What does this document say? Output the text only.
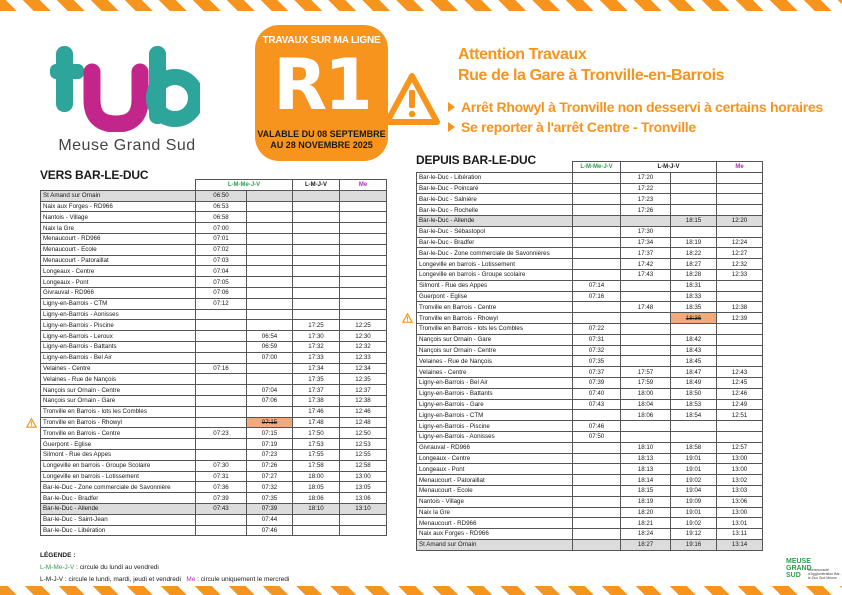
Meuse Grand Sud
TRAVAUX SUR MA LIGNE
R1
VALABLE DU 08 SEPTEMBRE
AU 28 NOVEMBRE 2025
Attention Travaux
Rue de la Gare à Tronville-en-Barrois
Arrêt Rhowyl à Tronville non desservi à certains horaires
Se reporter à l'arrêt Centre - Tronville
VERS BAR-LE-DUC
	L-M-Me-J-V		L-M-J-V	Me
St Amand sur Ornain	06:50			
Naix aux Forges - RD966	06:53			
Nantois - Village	06:58			
Naix la Gre	07:00			
Menaucourt - RD966	07:01			
Menaucourt - Ecole	07:02			
Menaucourt - Patoraillat	07:03			
Longeaux - Centre	07:04			
Longeaux - Pont	07:05			
Givrauval - RD966	07:06			
Ligny-en-Barrois - CTM	07:12			
Ligny-en-Barrois - Aonisses				
Ligny-en-Barrois - Piscine			17:25	12:25
Ligny-en-Barrois - Leroux		06:54	17:30	12:30
Ligny-en-Barrois - Battants		06:59	17:32	12:32
Ligny-en-Barrois - Bel Air		07:00	17:33	12:33
Velaines - Centre	07:16		17:34	12:34
Velaines - Rue de Nançois			17:35	12:35
Nançois sur Ornain - Centre		07:04	17:37	12:37
Nançois sur Ornain - Gare		07:06	17:38	12:38
Tronville en Barrois - lots les Combles			17:46	12:46
Tronville en Barrois - Rhowyl		07:15	17:48	12:48
Tronville en Barrois - Centre	07:23	07:15	17:50	12:50
Guerpont - Eglise		07:19	17:53	12:53
Silmont - Rue des Appes		07:23	17:55	12:55
Longeville en barrois - Groupe Scolaire	07:30	07:26	17:58	12:58
Longeville en barrois - Lotissement	07:31	07:27	18:00	13:00
Bar-le-Duc - Zone commerciale de Savonnière	07:36	07:32	18:05	13:05
Bar-le-Duc - Bradfer	07:39	07:35	18:06	13:06
Bar-le-Duc - Allende	07:43	07:39	18:10	13:10
Bar-le-Duc - Saint-Jean		07:44		
Bar-le-Duc - Libération		07:46		
DEPUIS BAR-LE-DUC
		L-M-Me-J-V	L-M-J-V		Me
Bar-le-Duc - Libération		17:20		
Bar-le-Duc - Poincaré		17:22		
Bar-le-Duc - Salnière		17:23		
Bar-le-Duc - Rochelle		17:26		
Bar-le-Duc - Allende			18:15	12:20
Bar-le-Duc - Sébastopol		17:30		
Bar-le-Duc - Bradfer		17:34	18:19	12:24
Bar-le-Duc - Zone commerciale de Savonnières		17:37	18:22	12:27
Longeville en barrois - Lotissement		17:42	18:27	12:32
Longeville en barrois - Groupe scolaire		17:43	18:28	12:33
Silmont - Rue des Appes	07:14		18:31	
Guerpont - Eglise	07:16		18:33	
Tronville en Barrois - Centre		17:48	18:35	12:38
Tronville en Barrois - Rhowyl			18:36	12:39
Tronville en Barrois - lots les Combles	07:22			
Nançois sur Ornain - Gare	07:31		18:42	
Nançois sur Ornain - Centre	07:32		18:43	
Velaines - Rue de Nançois	07:35		18:45	
Velaines - Centre	07:37	17:57	18:47	12:43
Ligny-en-Barrois - Bel Air	07:39	17:59	18:49	12:45
Ligny-en-Barrois - Battants	07:40	18:00	18:50	12:46
Ligny-en-Barrois - Gare	07:43	18:04	18:53	12:49
Ligny-en-Barrois - CTM		18:06	18:54	12:51
Ligny-en-Barrois - Piscine	07:46			
Ligny-en-Barrois - Aonisses	07:50			
Givrauval - RD966		18:10	18:58	12:57
Longeaux - Centre		18:13	19:01	13:00
Longeaux - Pont		18:13	19:01	13:00
Menaucourt - Patoraillat		18:14	19:02	13:02
Menaucourt - Ecole		18:15	19:04	13:03
Nantois - Village		18:19	19:09	13:06
Naix la Gre		18:20	19:01	13:00
Menaucourt - RD966		18:21	19:02	13:01
Naix aux Forges - RD966		18:24	19:12	13:11
St Amand sur Ornain		18:27	19:16	13:14
LÉGENDE :
L-M-Me-J-V : circule du lundi au vendredi
L-M-J-V : circule le lundi, mardi, jeudi et vendredi Me : circule uniquement le mercredi
MEUSE
GRAND
SUD
Communauté d'Agglomération Bar-le-Duc Sud Meuse
